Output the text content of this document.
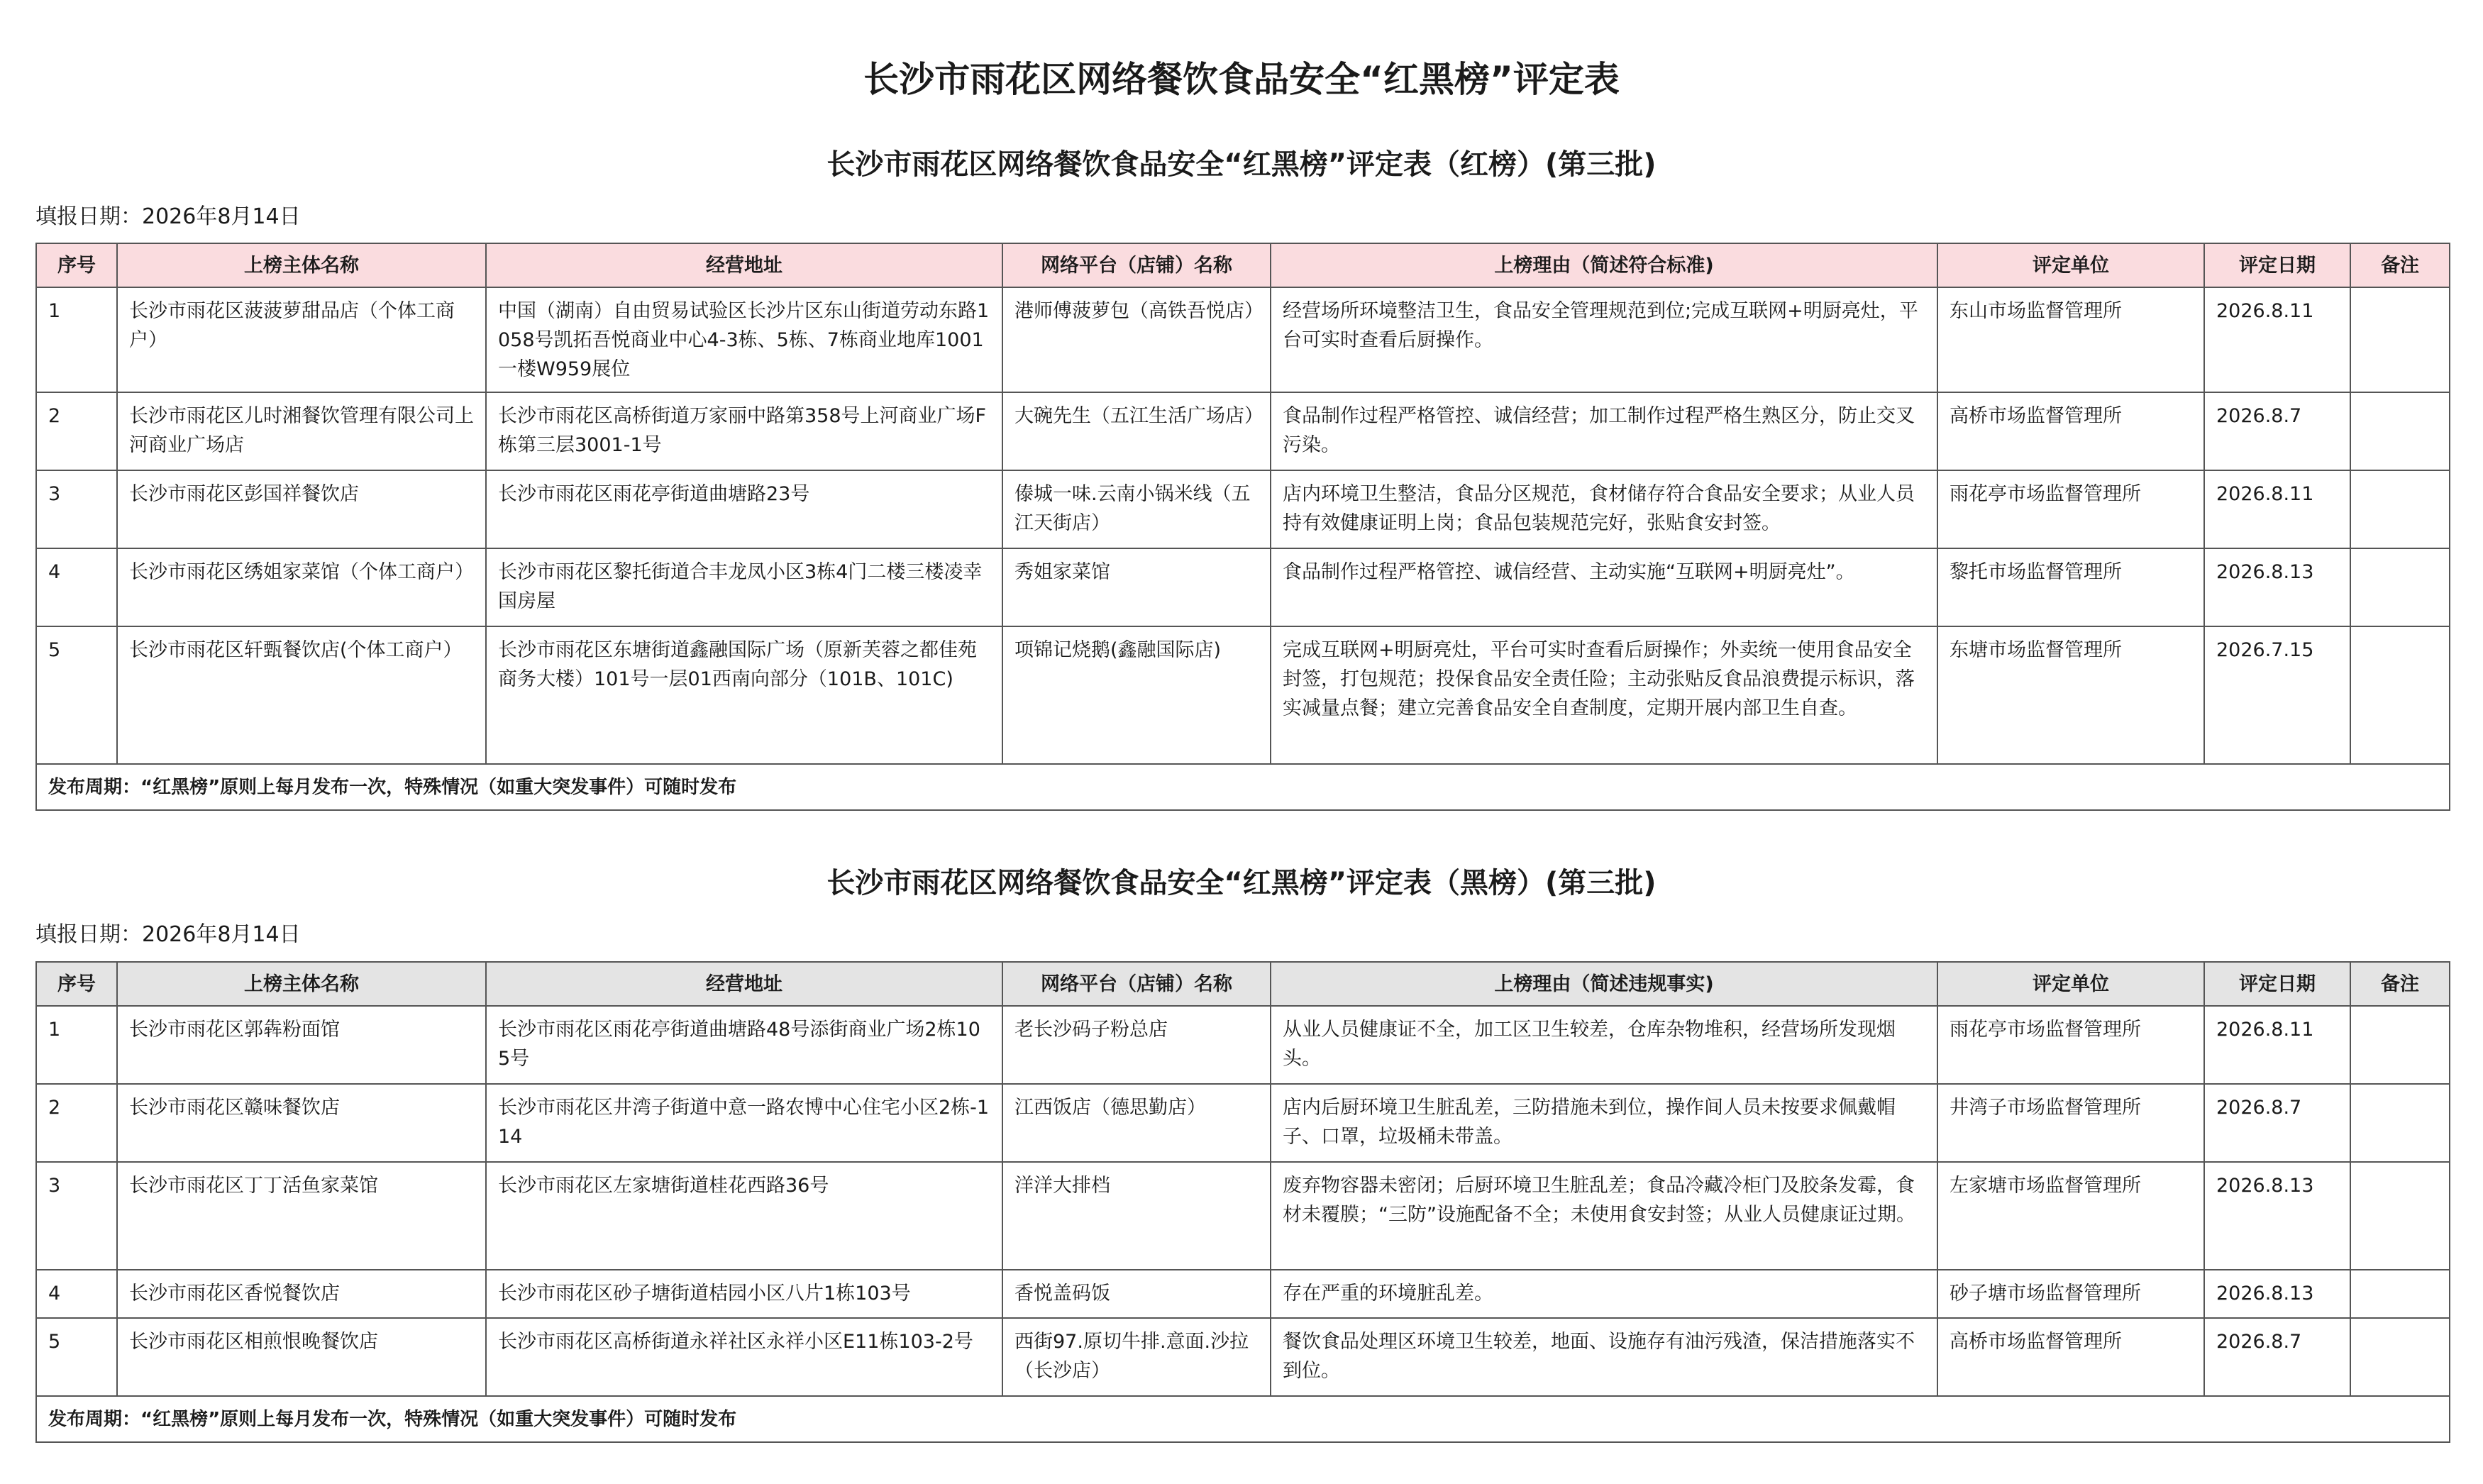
长沙市雨花区网络餐饮食品安全“红黑榜”评定表
长沙市雨花区网络餐饮食品安全“红黑榜”评定表（红榜）(第三批)
填报日期：2026年8月14日
序号	上榜主体名称	经营地址	网络平台（店铺）名称	上榜理由（简述符合标准)	评定单位	评定日期	备注
1	长沙市雨花区菠菠萝甜品店（个体工商户）	中国（湖南）自由贸易试验区长沙片区东山街道劳动东路1058号凯拓吾悦商业中心4-3栋、5栋、7栋商业地库1001一楼W959展位	港师傅菠萝包（高铁吾悦店）	经营场所环境整洁卫生，食品安全管理规范到位;完成互联网+明厨亮灶，平台可实时查看后厨操作。	东山市场监督管理所	2026.8.11	
2	长沙市雨花区儿时湘餐饮管理有限公司上河商业广场店	长沙市雨花区高桥街道万家丽中路第358号上河商业广场F栋第三层3001-1号	大碗先生（五江生活广场店）	食品制作过程严格管控、诚信经营；加工制作过程严格生熟区分，防止交叉污染。	高桥市场监督管理所	2026.8.7	
3	长沙市雨花区彭国祥餐饮店	长沙市雨花区雨花亭街道曲塘路23号	傣城一味.云南小锅米线（五江天街店）	店内环境卫生整洁，食品分区规范，食材储存符合食品安全要求；从业人员持有效健康证明上岗；食品包装规范完好，张贴食安封签。	雨花亭市场监督管理所	2026.8.11	
4	长沙市雨花区绣姐家菜馆（个体工商户）	长沙市雨花区黎托街道合丰龙凤小区3栋4门二楼三楼凌幸国房屋	秀姐家菜馆	食品制作过程严格管控、诚信经营、主动实施“互联网+明厨亮灶”。	黎托市场监督管理所	2026.8.13	
5	长沙市雨花区轩甄餐饮店(个体工商户）	长沙市雨花区东塘街道鑫融国际广场（原新芙蓉之都佳苑商务大楼）101号一层01西南向部分（101B、101C)	项锦记烧鹅(鑫融国际店)	完成互联网+明厨亮灶，平台可实时查看后厨操作；外卖统一使用食品安全封签，打包规范；投保食品安全责任险；主动张贴反食品浪费提示标识，落实减量点餐；建立完善食品安全自查制度，定期开展内部卫生自查。	东塘市场监督管理所	2026.7.15	
发布周期：“红黑榜”原则上每月发布一次，特殊情况（如重大突发事件）可随时发布							
长沙市雨花区网络餐饮食品安全“红黑榜”评定表（黑榜）(第三批)
填报日期：2026年8月14日
序号	上榜主体名称	经营地址	网络平台（店铺）名称	上榜理由（简述违规事实)	评定单位	评定日期	备注
1	长沙市雨花区郭犇粉面馆	长沙市雨花区雨花亭街道曲塘路48号添街商业广场2栋105号	老长沙码子粉总店	从业人员健康证不全，加工区卫生较差，仓库杂物堆积，经营场所发现烟头。	雨花亭市场监督管理所	2026.8.11	
2	长沙市雨花区赣味餐饮店	长沙市雨花区井湾子街道中意一路农博中心住宅小区2栋-114	江西饭店（德思勤店）	店内后厨环境卫生脏乱差，三防措施未到位，操作间人员未按要求佩戴帽子、口罩，垃圾桶未带盖。	井湾子市场监督管理所	2026.8.7	
3	长沙市雨花区丁丁活鱼家菜馆	长沙市雨花区左家塘街道桂花西路36号	洋洋大排档	废弃物容器未密闭；后厨环境卫生脏乱差；食品冷藏冷柜门及胶条发霉，食材未覆膜；“三防”设施配备不全；未使用食安封签；从业人员健康证过期。	左家塘市场监督管理所	2026.8.13	
4	长沙市雨花区香悦餐饮店	长沙市雨花区砂子塘街道桔园小区八片1栋103号	香悦盖码饭	存在严重的环境脏乱差。	砂子塘市场监督管理所	2026.8.13	
5	长沙市雨花区相煎恨晚餐饮店	长沙市雨花区高桥街道永祥社区永祥小区E11栋103-2号	西街97.原切牛排.意面.沙拉（长沙店）	餐饮食品处理区环境卫生较差，地面、设施存有油污残渣，保洁措施落实不到位。	高桥市场监督管理所	2026.8.7	
发布周期：“红黑榜”原则上每月发布一次，特殊情况（如重大突发事件）可随时发布							
